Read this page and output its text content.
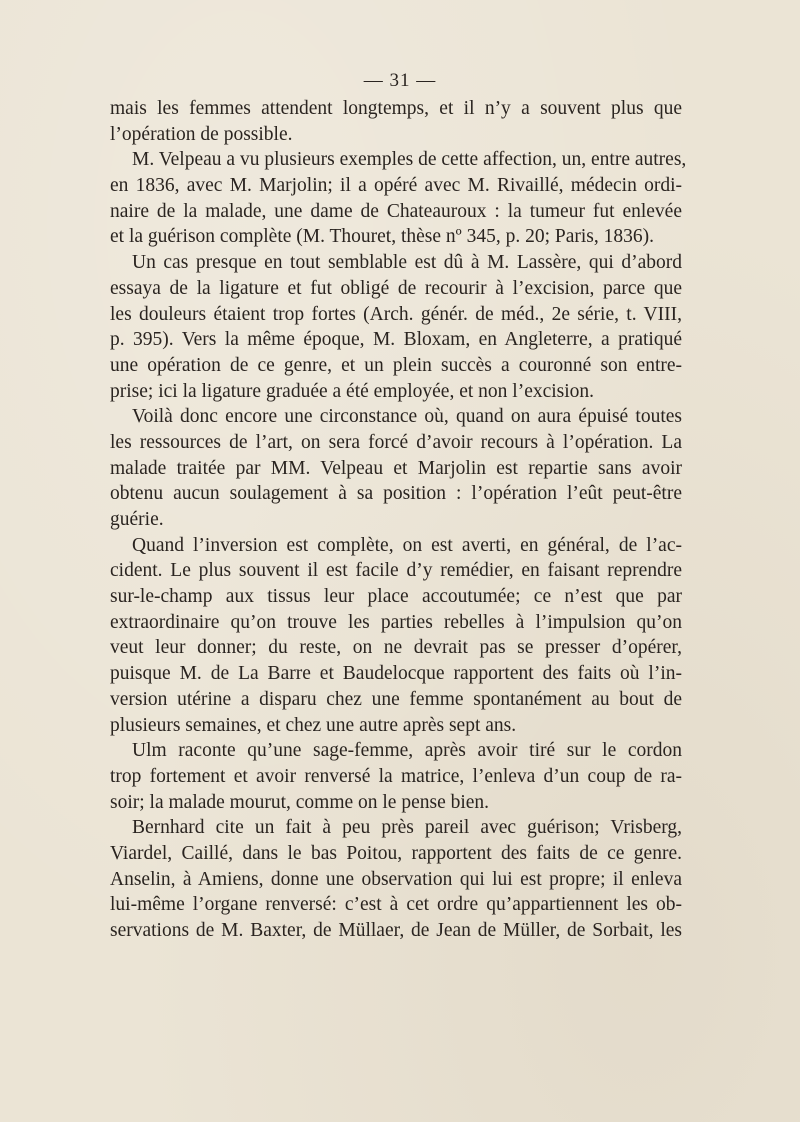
— 31 —
mais les femmes attendent longtemps, et il n’y a souvent plus que
l’opération de possible.
M. Velpeau a vu plusieurs exemples de cette affection, un, entre autres,
en 1836, avec M. Marjolin; il a opéré avec M. Rivaillé, médecin ordi-
naire de la malade, une dame de Chateauroux : la tumeur fut enlevée
et la guérison complète (M. Thouret, thèse nº 345, p. 20; Paris, 1836).
Un cas presque en tout semblable est dû à M. Lassère, qui d’abord
essaya de la ligature et fut obligé de recourir à l’excision, parce que
les douleurs étaient trop fortes (Arch. génér. de méd., 2e série, t. VIII,
p. 395). Vers la même époque, M. Bloxam, en Angleterre, a pratiqué
une opération de ce genre, et un plein succès a couronné son entre-
prise; ici la ligature graduée a été employée, et non l’excision.
Voilà donc encore une circonstance où, quand on aura épuisé toutes
les ressources de l’art, on sera forcé d’avoir recours à l’opération. La
malade traitée par MM. Velpeau et Marjolin est repartie sans avoir
obtenu aucun soulagement à sa position : l’opération l’eût peut-être
guérie.
Quand l’inversion est complète, on est averti, en général, de l’ac-
cident. Le plus souvent il est facile d’y remédier, en faisant reprendre
sur-le-champ aux tissus leur place accoutumée; ce n’est que par
extraordinaire qu’on trouve les parties rebelles à l’impulsion qu’on
veut leur donner; du reste, on ne devrait pas se presser d’opérer,
puisque M. de La Barre et Baudelocque rapportent des faits où l’in-
version utérine a disparu chez une femme spontanément au bout de
plusieurs semaines, et chez une autre après sept ans.
Ulm raconte qu’une sage-femme, après avoir tiré sur le cordon
trop fortement et avoir renversé la matrice, l’enleva d’un coup de ra-
soir; la malade mourut, comme on le pense bien.
Bernhard cite un fait à peu près pareil avec guérison; Vrisberg,
Viardel, Caillé, dans le bas Poitou, rapportent des faits de ce genre.
Anselin, à Amiens, donne une observation qui lui est propre; il enleva
lui-même l’organe renversé: c’est à cet ordre qu’appartiennent les ob-
servations de M. Baxter, de Müllaer, de Jean de Müller, de Sorbait, les
